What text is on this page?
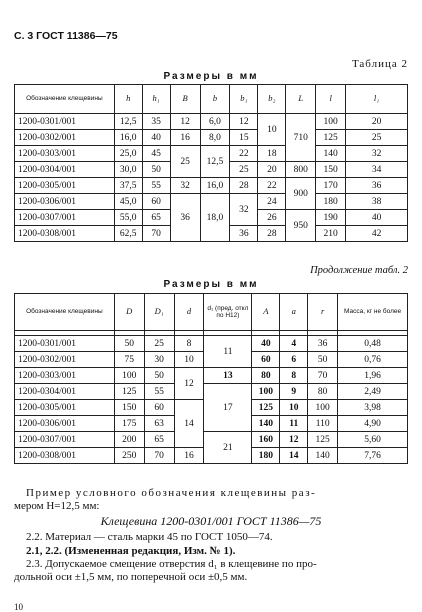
С. 3 ГОСТ 11386—75
Таблица 2
Размеры в мм
Обозначение клещевины	h	h₁	B	b	b₁	b₂	L	l	l₁
1200-0301/001	12,5	35	12	6,0	12	10	710	100	20
1200-0302/001	16,0	40	16	8,0	15			125	25
1200-0303/001	25,0	45	25	12,5	22	18		140	32
1200-0304/001	30,0	50			25	20	800	150	34
1200-0305/001	37,5	55	32	16,0	28	22	900	170	36
1200-0306/001	45,0	60	36	18,0	32	24		180	38
1200-0307/001	55,0	65				26	950	190	40
1200-0308/001	62,5	70			36	28		210	42
Продолжение табл. 2
Размеры в мм
Обозначение клещевины	D	D₁	d	d₁ (пред. откл по H12)	A	a	r	Масса, кг не более

1200-0301/001	50	25	8	11	40	4	36	0,48
1200-0302/001	75	30	10		60	6	50	0,76
1200-0303/001	100	50	12	13	80	8	70	1,96
1200-0304/001	125	55		17	100	9	80	2,49
1200-0305/001	150	60	14		125	10	100	3,98
1200-0306/001	175	63			140	11	110	4,90
1200-0307/001	200	65		21	160	12	125	5,60
1200-0308/001	250	70	16		180	14	140	7,76
Пример условного обозначения клещевины раз-
мером H=12,5 мм:
Клещевина 1200-0301/001 ГОСТ 11386—75
2.2. Материал — сталь марки 45 по ГОСТ 1050—74.
2.1, 2.2. (Измененная редакция, Изм. № 1).
2.3. Допускаемое смещение отверстия d₁ в клещевине по про-
дольной оси ±1,5 мм, по поперечной оси ±0,5 мм.
10
